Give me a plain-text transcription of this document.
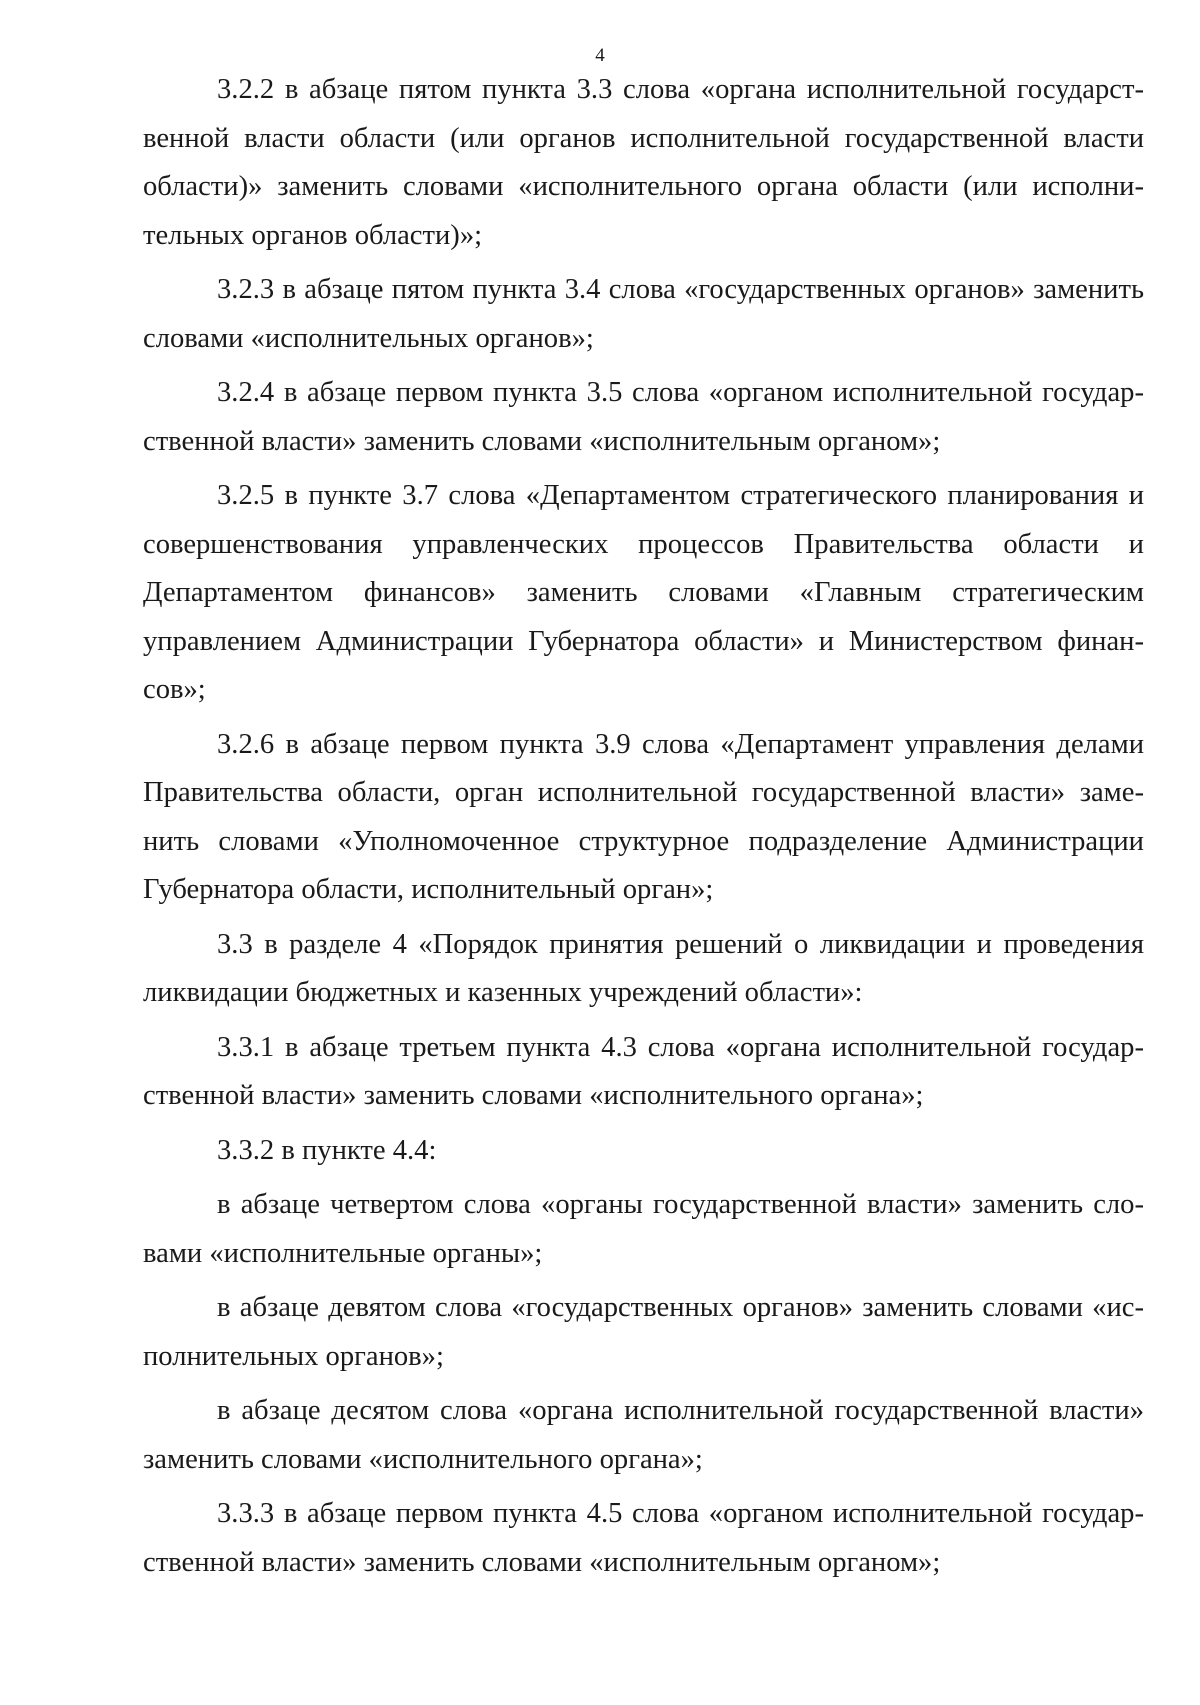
4

3.2.2 в абзаце пятом пункта 3.3 слова «органа исполнительной государственной власти области (или органов исполнительной государственной власти области)» заменить словами «исполнительного органа области (или исполнительных органов области)»;

3.2.3 в абзаце пятом пункта 3.4 слова «государственных органов» заменить словами «исполнительных органов»;

3.2.4 в абзаце первом пункта 3.5 слова «органом исполнительной государственной власти» заменить словами «исполнительным органом»;

3.2.5 в пункте 3.7 слова «Департаментом стратегического планирования и совершенствования управленческих процессов Правительства области и Департаментом финансов» заменить словами «Главным стратегическим управлением Администрации Губернатора области» и Министерством финансов»;

3.2.6 в абзаце первом пункта 3.9 слова «Департамент управления делами Правительства области, орган исполнительной государственной власти» заменить словами «Уполномоченное структурное подразделение Администрации Губернатора области, исполнительный орган»;

3.3 в разделе 4 «Порядок принятия решений о ликвидации и проведения ликвидации бюджетных и казенных учреждений области»:

3.3.1 в абзаце третьем пункта 4.3 слова «органа исполнительной государственной власти» заменить словами «исполнительного органа»;

3.3.2 в пункте 4.4:

в абзаце четвертом слова «органы государственной власти» заменить словами «исполнительные органы»;

в абзаце девятом слова «государственных органов» заменить словами «исполнительных органов»;

в абзаце десятом слова «органа исполнительной государственной власти» заменить словами «исполнительного органа»;

3.3.3 в абзаце первом пункта 4.5 слова «органом исполнительной государственной власти» заменить словами «исполнительным органом»;
